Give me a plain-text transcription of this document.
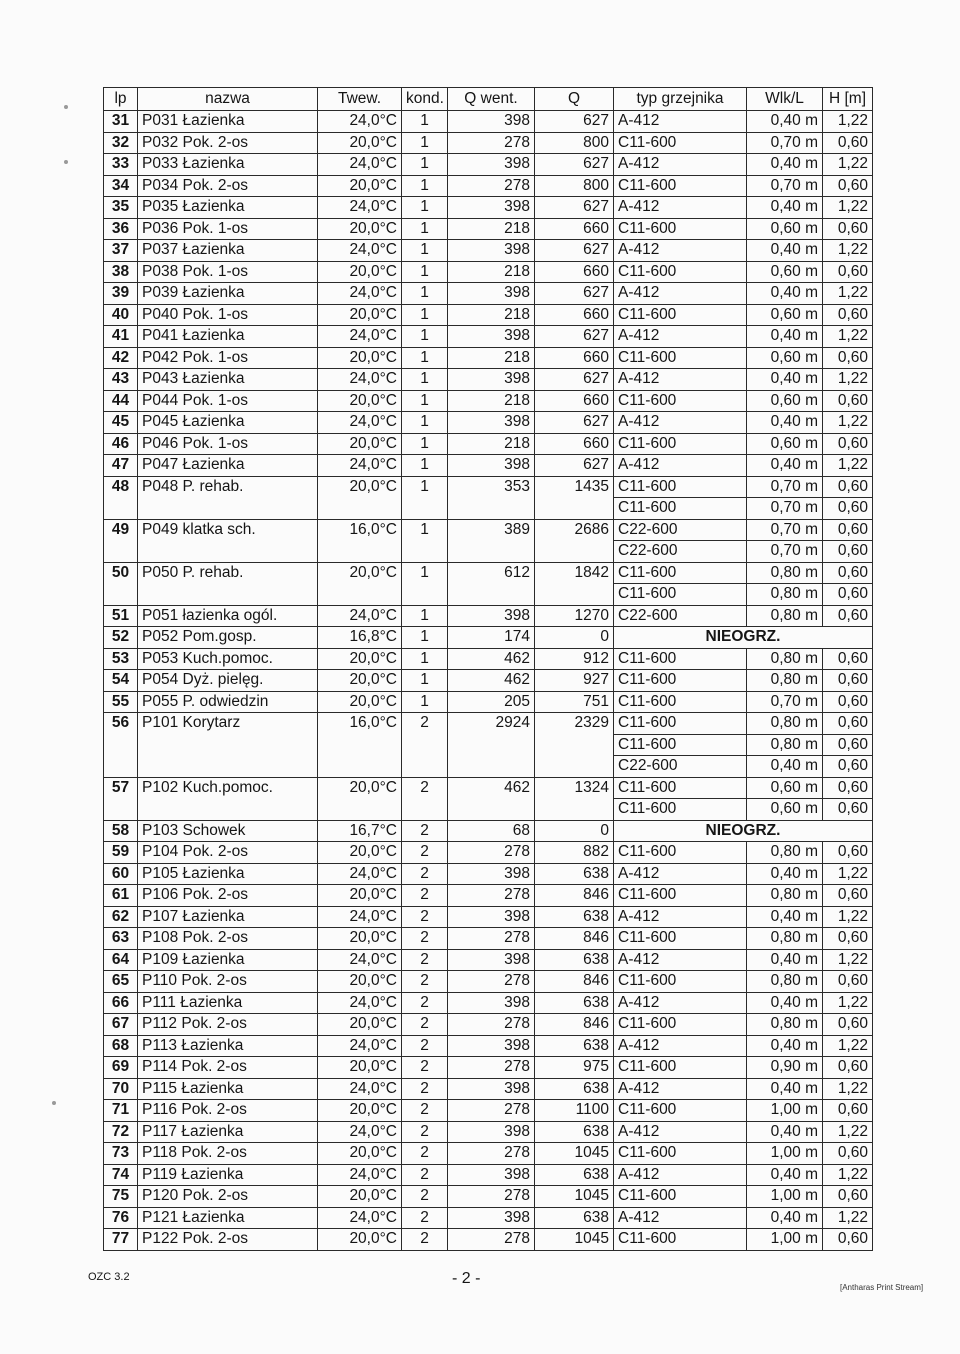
lp	nazwa	Twew.	kond.	Q went.	Q	typ grzejnika	Wlk/L	H [m]
31	P031 Łazienka	24,0°C	1	398	627	A-412	0,40 m	1,22
32	P032 Pok. 2-os	20,0°C	1	278	800	C11-600	0,70 m	0,60
33	P033 Łazienka	24,0°C	1	398	627	A-412	0,40 m	1,22
34	P034 Pok. 2-os	20,0°C	1	278	800	C11-600	0,70 m	0,60
35	P035 Łazienka	24,0°C	1	398	627	A-412	0,40 m	1,22
36	P036 Pok. 1-os	20,0°C	1	218	660	C11-600	0,60 m	0,60
37	P037 Łazienka	24,0°C	1	398	627	A-412	0,40 m	1,22
38	P038 Pok. 1-os	20,0°C	1	218	660	C11-600	0,60 m	0,60
39	P039 Łazienka	24,0°C	1	398	627	A-412	0,40 m	1,22
40	P040 Pok. 1-os	20,0°C	1	218	660	C11-600	0,60 m	0,60
41	P041 Łazienka	24,0°C	1	398	627	A-412	0,40 m	1,22
42	P042 Pok. 1-os	20,0°C	1	218	660	C11-600	0,60 m	0,60
43	P043 Łazienka	24,0°C	1	398	627	A-412	0,40 m	1,22
44	P044 Pok. 1-os	20,0°C	1	218	660	C11-600	0,60 m	0,60
45	P045 Łazienka	24,0°C	1	398	627	A-412	0,40 m	1,22
46	P046 Pok. 1-os	20,0°C	1	218	660	C11-600	0,60 m	0,60
47	P047 Łazienka	24,0°C	1	398	627	A-412	0,40 m	1,22
48	P048 P. rehab.	20,0°C	1	353	1435	C11-600	0,70 m	0,60
						C11-600	0,70 m	0,60
49	P049 klatka sch.	16,0°C	1	389	2686	C22-600	0,70 m	0,60
						C22-600	0,70 m	0,60
50	P050 P. rehab.	20,0°C	1	612	1842	C11-600	0,80 m	0,60
						C11-600	0,80 m	0,60
51	P051 łazienka ogól.	24,0°C	1	398	1270	C22-600	0,80 m	0,60
52	P052 Pom.gosp.	16,8°C	1	174	0	NIEOGRZ.		
53	P053 Kuch.pomoc.	20,0°C	1	462	912	C11-600	0,80 m	0,60
54	P054 Dyż. pielęg.	20,0°C	1	462	927	C11-600	0,80 m	0,60
55	P055 P. odwiedzin	20,0°C	1	205	751	C11-600	0,70 m	0,60
56	P101 Korytarz	16,0°C	2	2924	2329	C11-600	0,80 m	0,60
						C11-600	0,80 m	0,60
						C22-600	0,40 m	0,60
57	P102 Kuch.pomoc.	20,0°C	2	462	1324	C11-600	0,60 m	0,60
						C11-600	0,60 m	0,60
58	P103 Schowek	16,7°C	2	68	0	NIEOGRZ.		
59	P104 Pok. 2-os	20,0°C	2	278	882	C11-600	0,80 m	0,60
60	P105 Łazienka	24,0°C	2	398	638	A-412	0,40 m	1,22
61	P106 Pok. 2-os	20,0°C	2	278	846	C11-600	0,80 m	0,60
62	P107 Łazienka	24,0°C	2	398	638	A-412	0,40 m	1,22
63	P108 Pok. 2-os	20,0°C	2	278	846	C11-600	0,80 m	0,60
64	P109 Łazienka	24,0°C	2	398	638	A-412	0,40 m	1,22
65	P110 Pok. 2-os	20,0°C	2	278	846	C11-600	0,80 m	0,60
66	P111 Łazienka	24,0°C	2	398	638	A-412	0,40 m	1,22
67	P112 Pok. 2-os	20,0°C	2	278	846	C11-600	0,80 m	0,60
68	P113 Łazienka	24,0°C	2	398	638	A-412	0,40 m	1,22
69	P114 Pok. 2-os	20,0°C	2	278	975	C11-600	0,90 m	0,60
70	P115 Łazienka	24,0°C	2	398	638	A-412	0,40 m	1,22
71	P116 Pok. 2-os	20,0°C	2	278	1100	C11-600	1,00 m	0,60
72	P117 Łazienka	24,0°C	2	398	638	A-412	0,40 m	1,22
73	P118 Pok. 2-os	20,0°C	2	278	1045	C11-600	1,00 m	0,60
74	P119 Łazienka	24,0°C	2	398	638	A-412	0,40 m	1,22
75	P120 Pok. 2-os	20,0°C	2	278	1045	C11-600	1,00 m	0,60
76	P121 Łazienka	24,0°C	2	398	638	A-412	0,40 m	1,22
77	P122 Pok. 2-os	20,0°C	2	278	1045	C11-600	1,00 m	0,60
OZC 3.2	- 2 -
[Antharas Print Stream]
